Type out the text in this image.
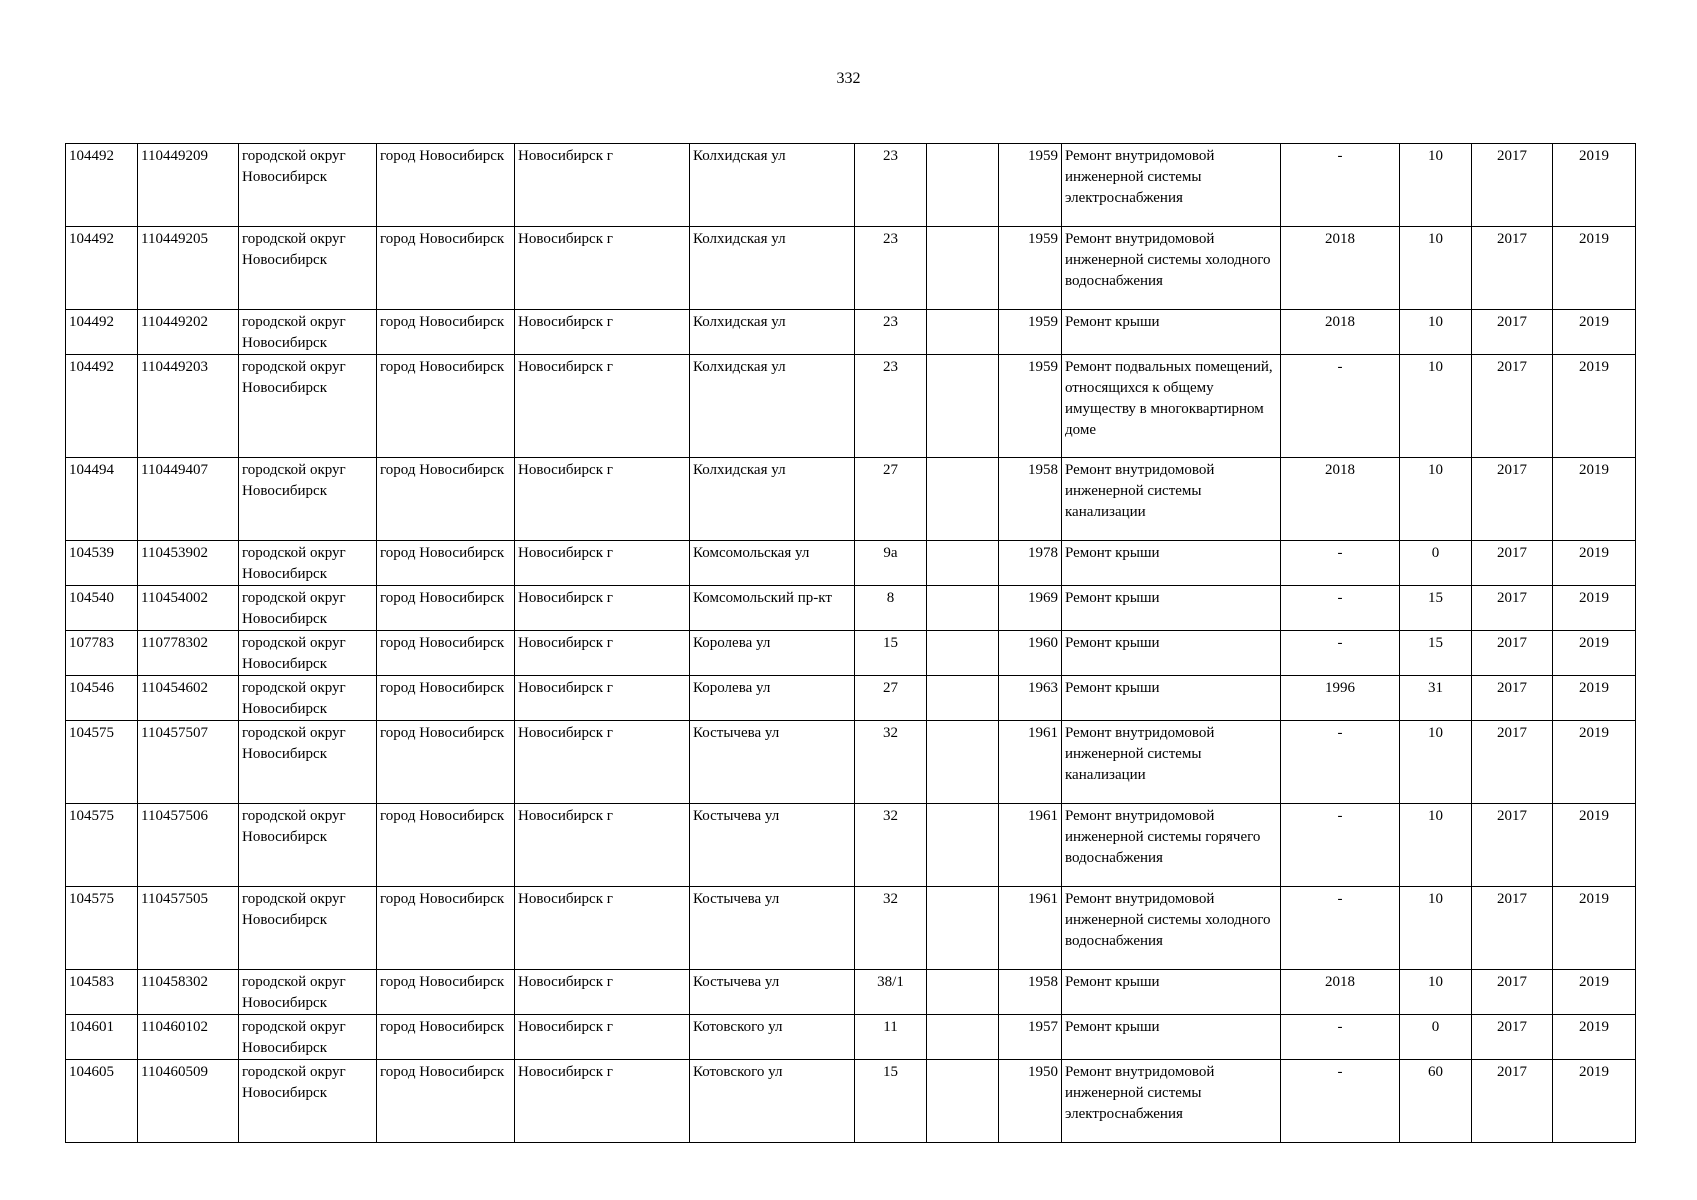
332
104492	110449209	городской округ Новосибирск	город Новосибирск	Новосибирск г	Колхидская ул	23		1959	Ремонт внутридомовой инженерной системы электроснабжения	-	10	2017	2019
104492	110449205	городской округ Новосибирск	город Новосибирск	Новосибирск г	Колхидская ул	23		1959	Ремонт внутридомовой инженерной системы холодного водоснабжения	2018	10	2017	2019
104492	110449202	городской округ Новосибирск	город Новосибирск	Новосибирск г	Колхидская ул	23		1959	Ремонт крыши	2018	10	2017	2019
104492	110449203	городской округ Новосибирск	город Новосибирск	Новосибирск г	Колхидская ул	23		1959	Ремонт подвальных помещений, относящихся к общему имуществу в многоквартирном доме	-	10	2017	2019
104494	110449407	городской округ Новосибирск	город Новосибирск	Новосибирск г	Колхидская ул	27		1958	Ремонт внутридомовой инженерной системы канализации	2018	10	2017	2019
104539	110453902	городской округ Новосибирск	город Новосибирск	Новосибирск г	Комсомольская ул	9а		1978	Ремонт крыши	-	0	2017	2019
104540	110454002	городской округ Новосибирск	город Новосибирск	Новосибирск г	Комсомольский пр-кт	8		1969	Ремонт крыши	-	15	2017	2019
107783	110778302	городской округ Новосибирск	город Новосибирск	Новосибирск г	Королева ул	15		1960	Ремонт крыши	-	15	2017	2019
104546	110454602	городской округ Новосибирск	город Новосибирск	Новосибирск г	Королева ул	27		1963	Ремонт крыши	1996	31	2017	2019
104575	110457507	городской округ Новосибирск	город Новосибирск	Новосибирск г	Костычева ул	32		1961	Ремонт внутридомовой инженерной системы канализации	-	10	2017	2019
104575	110457506	городской округ Новосибирск	город Новосибирск	Новосибирск г	Костычева ул	32		1961	Ремонт внутридомовой инженерной системы горячего водоснабжения	-	10	2017	2019
104575	110457505	городской округ Новосибирск	город Новосибирск	Новосибирск г	Костычева ул	32		1961	Ремонт внутридомовой инженерной системы холодного водоснабжения	-	10	2017	2019
104583	110458302	городской округ Новосибирск	город Новосибирск	Новосибирск г	Костычева ул	38/1		1958	Ремонт крыши	2018	10	2017	2019
104601	110460102	городской округ Новосибирск	город Новосибирск	Новосибирск г	Котовского ул	11		1957	Ремонт крыши	-	0	2017	2019
104605	110460509	городской округ Новосибирск	город Новосибирск	Новосибирск г	Котовского ул	15		1950	Ремонт внутридомовой инженерной системы электроснабжения	-	60	2017	2019
